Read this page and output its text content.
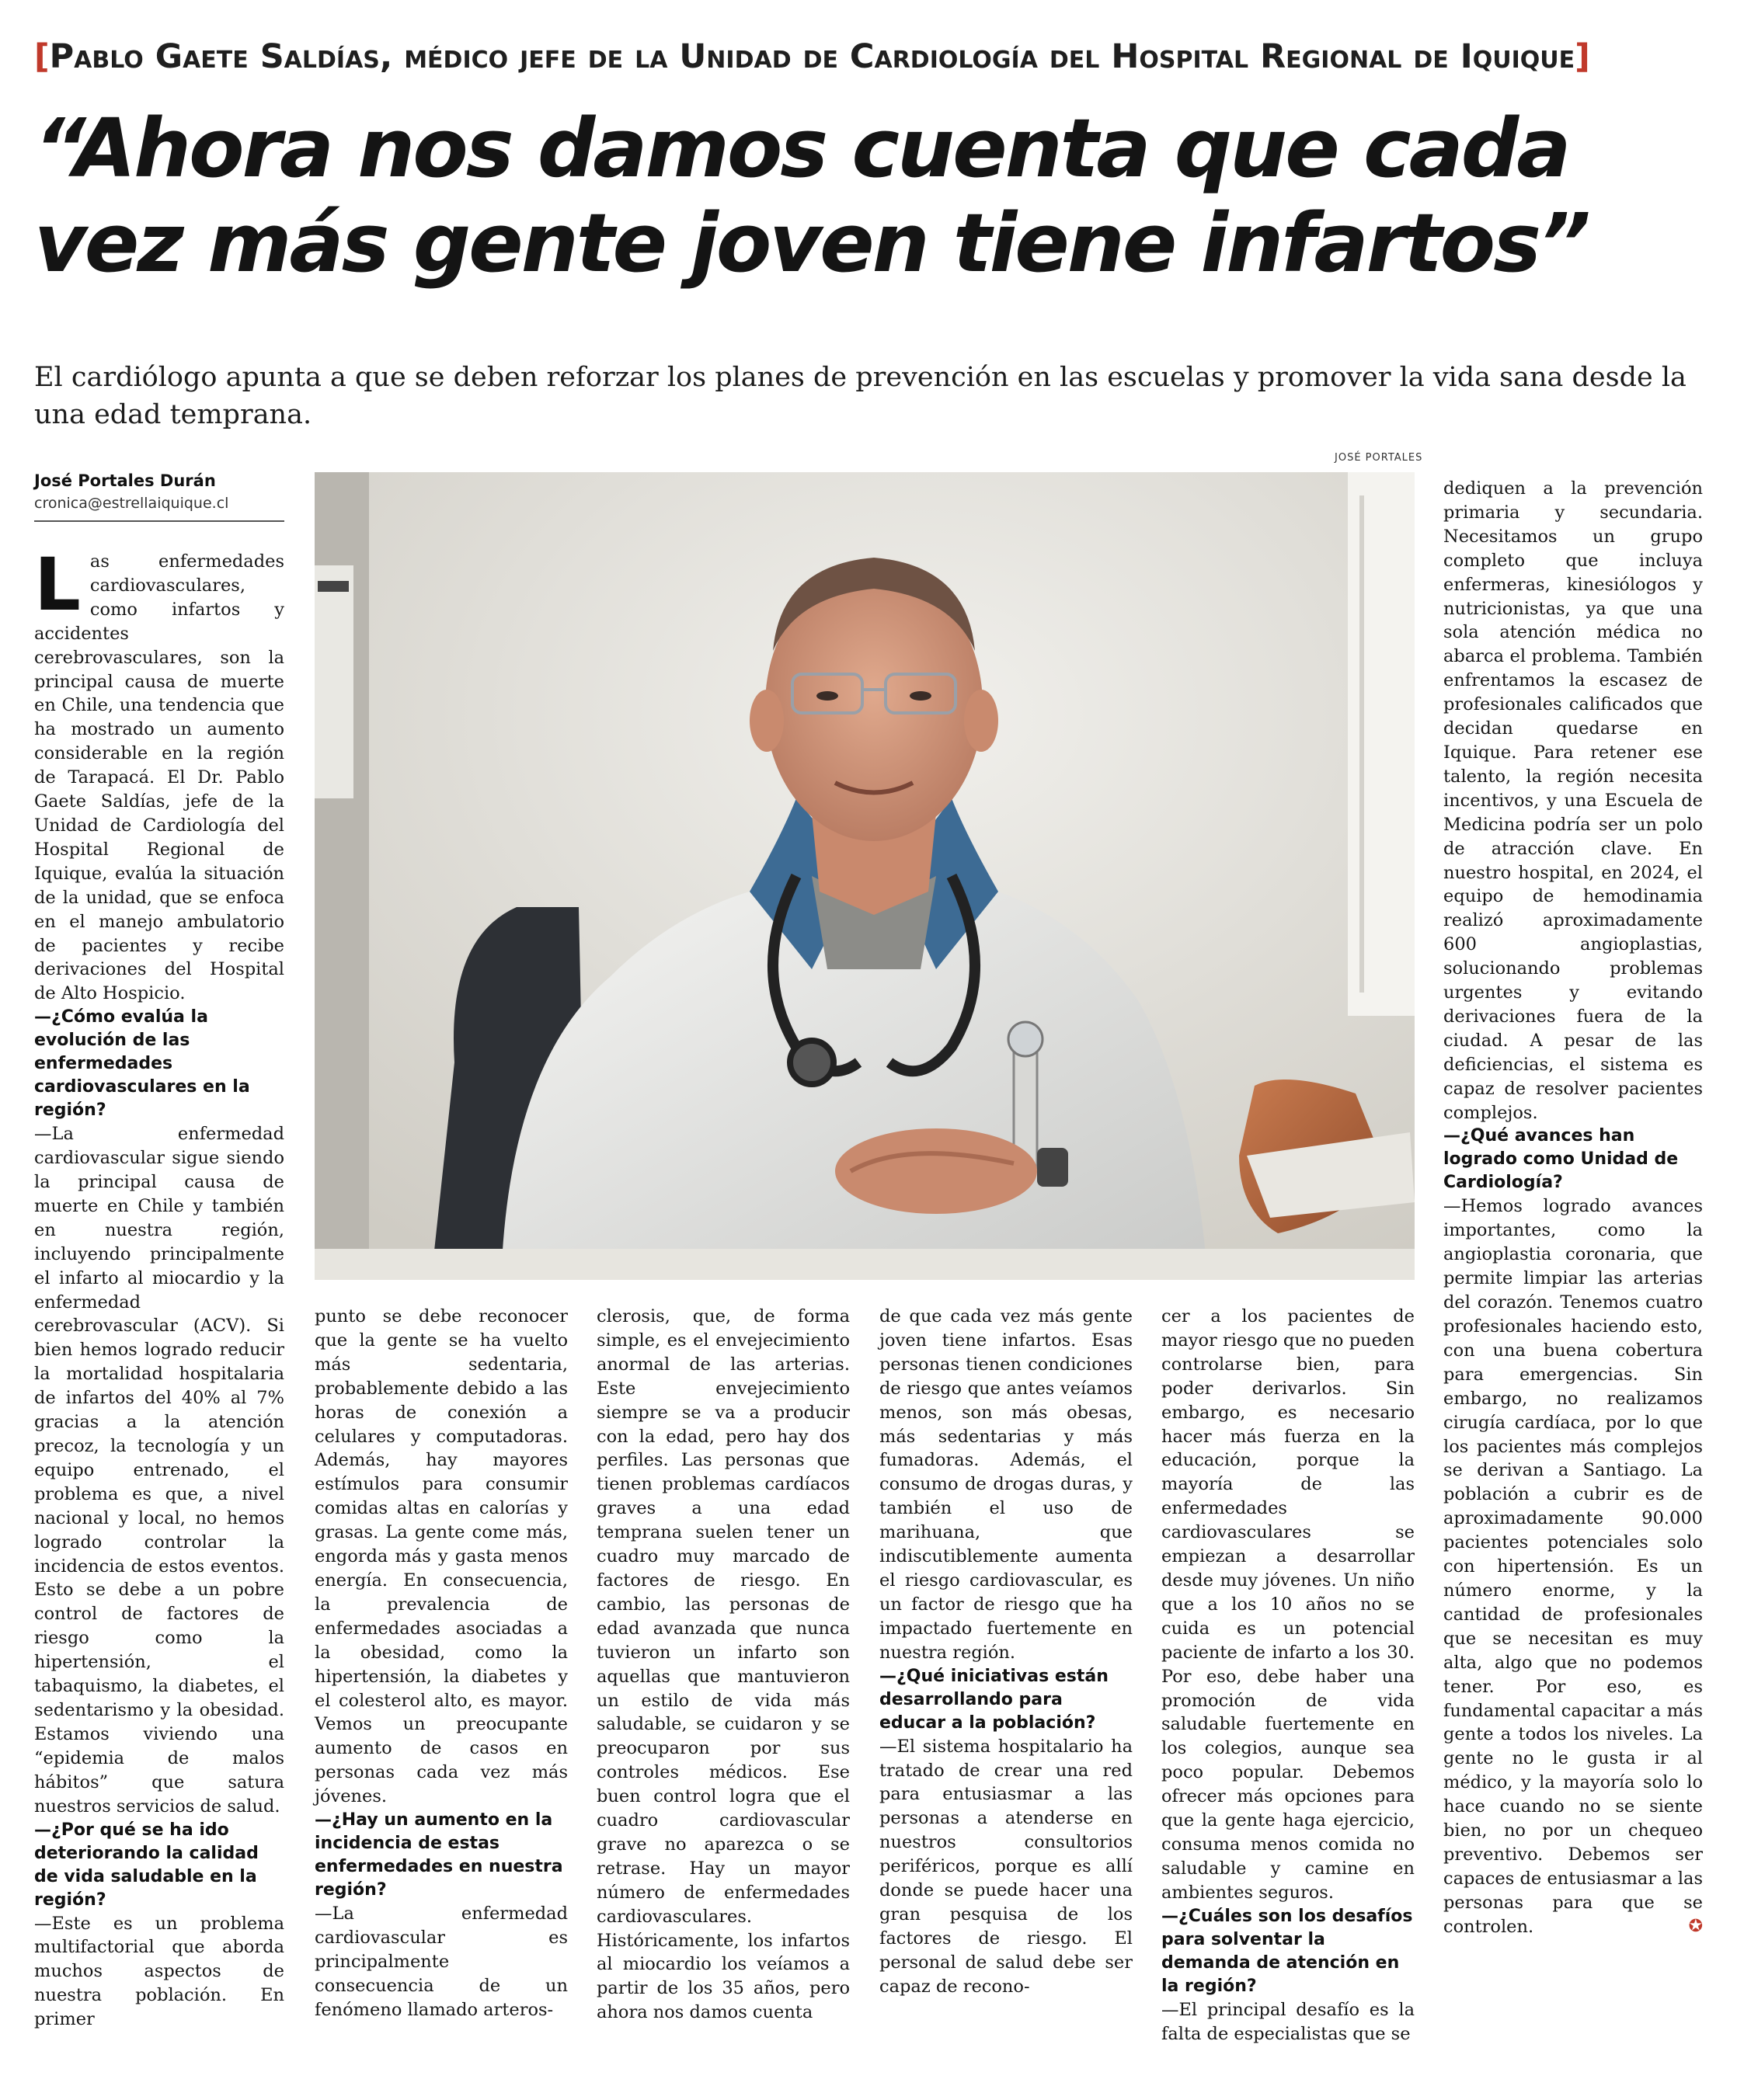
[Pablo Gaete Saldías, médico jefe de la Unidad de Cardiología del Hospital Regional de Iquique]
“Ahora nos damos cuenta que cada vez más gente joven tiene infartos”

El cardiólogo apunta a que se deben reforzar los planes de prevención en las escuelas y promover la vida sana desde la una edad temprana.

JOSÉ PORTALES
José Portales Durán
cronica@estrellaiquique.cl

Las enfermedades cardiovasculares, como infartos y accidentes cerebrovasculares, son la principal causa de muerte en Chile, una tendencia que ha mostrado un aumento considerable en la región de Tarapacá. El Dr. Pablo Gaete Saldías, jefe de la Unidad de Cardiología del Hospital Regional de Iquique, evalúa la situación de la unidad, que se enfoca en el manejo ambulatorio de pacientes y recibe derivaciones del Hospital de Alto Hospicio.

—¿Cómo evalúa la evolución de las enfermedades cardiovasculares en la región?

—La enfermedad cardiovascular sigue siendo la principal causa de muerte en Chile y también en nuestra región, incluyendo principalmente el infarto al miocardio y la enfermedad cerebrovascular (ACV). Si bien hemos logrado reducir la mortalidad hospitalaria de infartos del 40% al 7% gracias a la atención precoz, la tecnología y un equipo entrenado, el problema es que, a nivel nacional y local, no hemos logrado controlar la incidencia de estos eventos. Esto se debe a un pobre control de factores de riesgo como la hipertensión, el tabaquismo, la diabetes, el sedentarismo y la obesidad. Estamos viviendo una “epidemia de malos hábitos” que satura nuestros servicios de salud.

—¿Por qué se ha ido deteriorando la calidad de vida saludable en la región?

—Este es un problema multifactorial que aborda muchos aspectos de nuestra población. En primer

punto se debe reconocer que la gente se ha vuelto más sedentaria, probablemente debido a las horas de conexión a celulares y computadoras. Además, hay mayores estímulos para consumir comidas altas en calorías y grasas. La gente come más, engorda más y gasta menos energía. En consecuencia, la prevalencia de enfermedades asociadas a la obesidad, como la hipertensión, la diabetes y el colesterol alto, es mayor. Vemos un preocupante aumento de casos en personas cada vez más jóvenes.

—¿Hay un aumento en la incidencia de estas enfermedades en nuestra región?

—La enfermedad cardiovascular es principalmente consecuencia de un fenómeno llamado arteros-

clerosis, que, de forma simple, es el envejecimiento anormal de las arterias. Este envejecimiento siempre se va a producir con la edad, pero hay dos perfiles. Las personas que tienen problemas cardíacos graves a una edad temprana suelen tener un cuadro muy marcado de factores de riesgo. En cambio, las personas de edad avanzada que nunca tuvieron un infarto son aquellas que mantuvieron un estilo de vida más saludable, se cuidaron y se preocuparon por sus controles médicos. Ese buen control logra que el cuadro cardiovascular grave no aparezca o se retrase. Hay un mayor número de enfermedades cardiovasculares. Históricamente, los infartos al miocardio los veíamos a partir de los 35 años, pero ahora nos damos cuenta

de que cada vez más gente joven tiene infartos. Esas personas tienen condiciones de riesgo que antes veíamos menos, son más obesas, más sedentarias y más fumadoras. Además, el consumo de drogas duras, y también el uso de marihuana, que indiscutiblemente aumenta el riesgo cardiovascular, es un factor de riesgo que ha impactado fuertemente en nuestra región.

—¿Qué iniciativas están desarrollando para educar a la población?

—El sistema hospitalario ha tratado de crear una red para entusiasmar a las personas a atenderse en nuestros consultorios periféricos, porque es allí donde se puede hacer una gran pesquisa de los factores de riesgo. El personal de salud debe ser capaz de recono-

cer a los pacientes de mayor riesgo que no pueden controlarse bien, para poder derivarlos. Sin embargo, es necesario hacer más fuerza en la educación, porque la mayoría de las enfermedades cardiovasculares se empiezan a desarrollar desde muy jóvenes. Un niño que a los 10 años no se cuida es un potencial paciente de infarto a los 30. Por eso, debe haber una promoción de vida saludable fuertemente en los colegios, aunque sea poco popular. Debemos ofrecer más opciones para que la gente haga ejercicio, consuma menos comida no saludable y camine en ambientes seguros.

—¿Cuáles son los desafíos para solventar la demanda de atención en la región?

—El principal desafío es la falta de especialistas que se

dediquen a la prevención primaria y secundaria. Necesitamos un grupo completo que incluya enfermeras, kinesiólogos y nutricionistas, ya que una sola atención médica no abarca el problema. También enfrentamos la escasez de profesionales calificados que decidan quedarse en Iquique. Para retener ese talento, la región necesita incentivos, y una Escuela de Medicina podría ser un polo de atracción clave. En nuestro hospital, en 2024, el equipo de hemodinamia realizó aproximadamente 600 angioplastias, solucionando problemas urgentes y evitando derivaciones fuera de la ciudad. A pesar de las deficiencias, el sistema es capaz de resolver pacientes complejos.

—¿Qué avances han logrado como Unidad de Cardiología?

—Hemos logrado avances importantes, como la angioplastia coronaria, que permite limpiar las arterias del corazón. Tenemos cuatro profesionales haciendo esto, con una buena cobertura para emergencias. Sin embargo, no realizamos cirugía cardíaca, por lo que los pacientes más complejos se derivan a Santiago. La población a cubrir es de aproximadamente 90.000 pacientes potenciales solo con hipertensión. Es un número enorme, y la cantidad de profesionales que se necesitan es muy alta, algo que no podemos tener. Por eso, es fundamental capacitar a más gente a todos los niveles. La gente no le gusta ir al médico, y la mayoría solo lo hace cuando no se siente bien, no por un chequeo preventivo. Debemos ser capaces de entusiasmar a las personas para que se controlen.	✪
